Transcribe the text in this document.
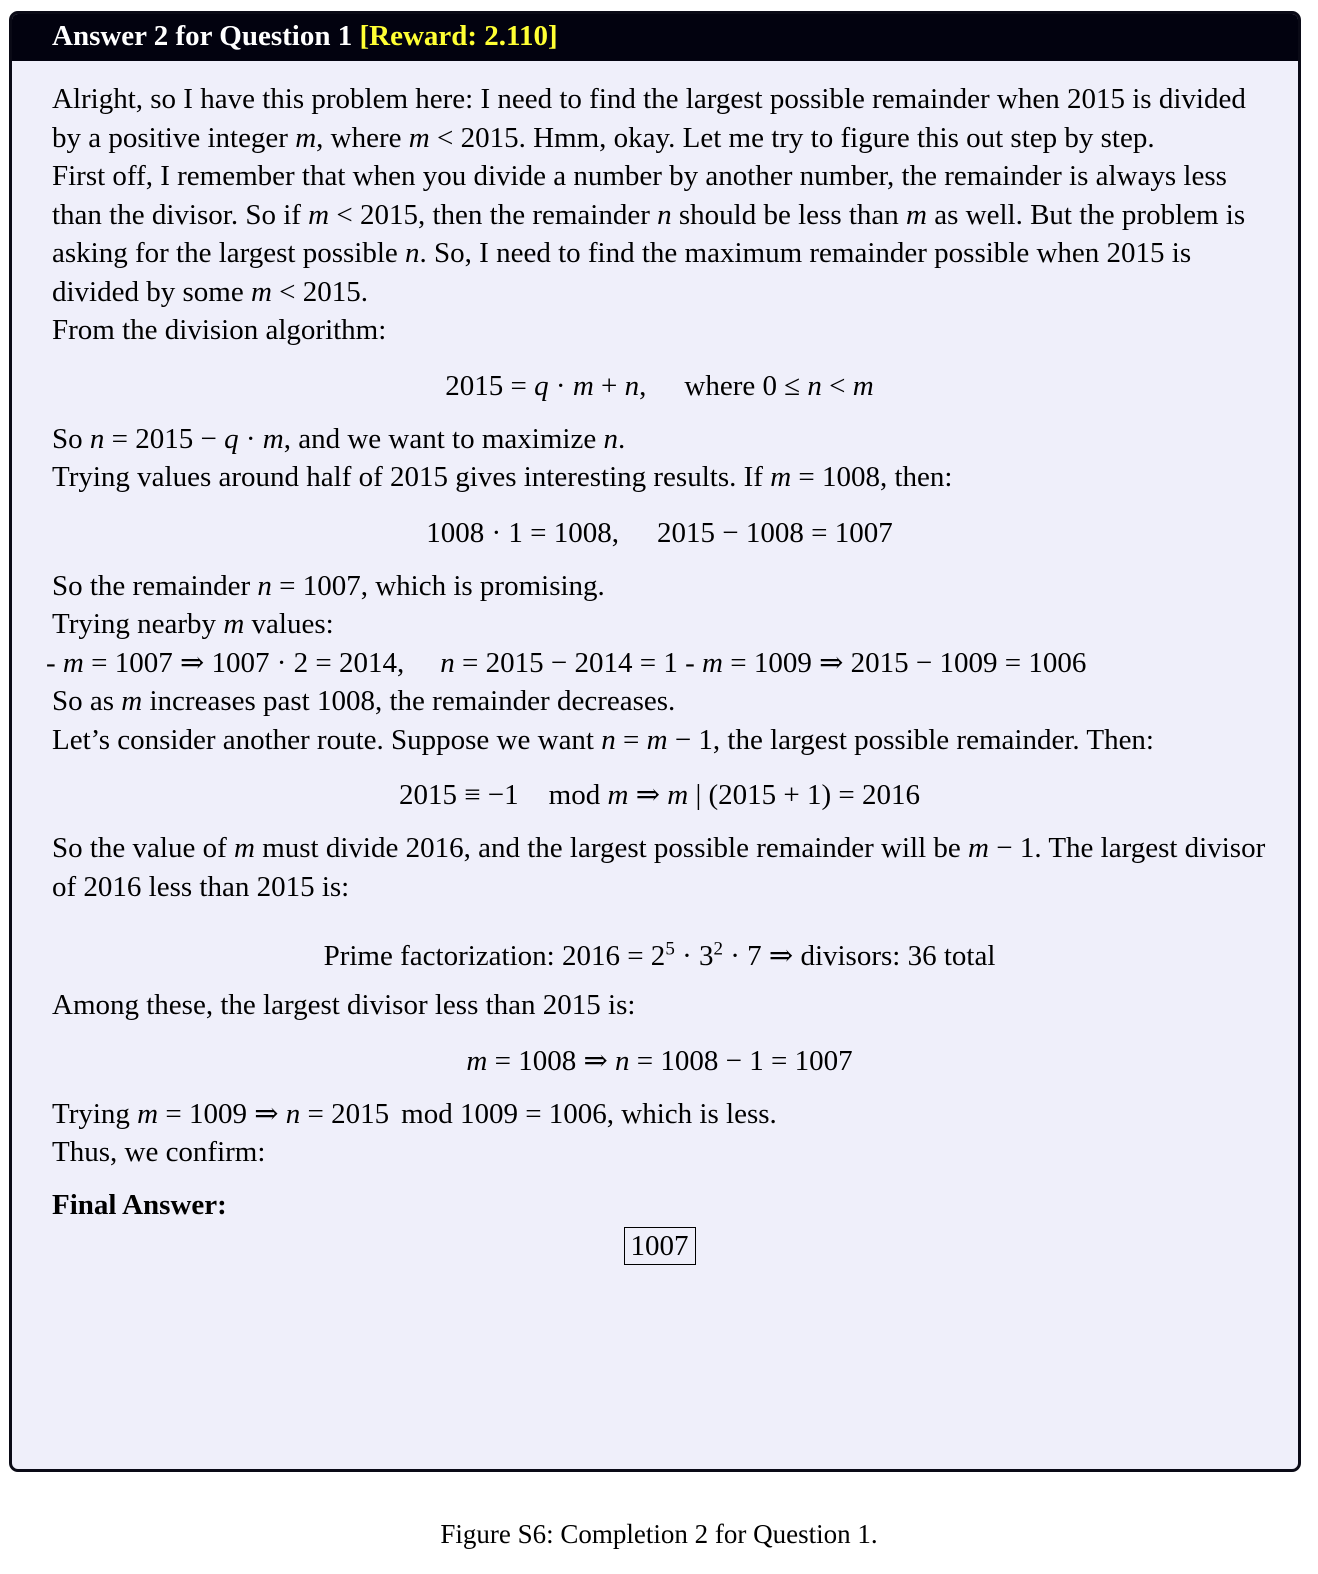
Answer 2 for Question 1 [Reward: 2.110]

Alright, so I have this problem here: I need to find the largest possible remainder when 2015 is divided by a positive integer m, where m < 2015. Hmm, okay. Let me try to figure this out step by step.

First off, I remember that when you divide a number by another number, the remainder is always less than the divisor. So if m < 2015, then the remainder n should be less than m as well. But the problem is asking for the largest possible n. So, I need to find the maximum remainder possible when 2015 is divided by some m < 2015.

From the division algorithm:

2015 = q · m + n, where 0 ≤ n < m

So n = 2015 − q · m, and we want to maximize n.

Trying values around half of 2015 gives interesting results. If m = 1008, then:

1008 · 1 = 1008, 2015 − 1008 = 1007

So the remainder n = 1007, which is promising.

Trying nearby m values:

- m = 1007 ⇒ 1007 · 2 = 2014, n = 2015 − 2014 = 1 - m = 1009 ⇒ 2015 − 1009 = 1006

So as m increases past 1008, the remainder decreases.

Let’s consider another route. Suppose we want n = m − 1, the largest possible remainder. Then:

2015 ≡ −1 mod m ⇒ m | (2015 + 1) = 2016

So the value of m must divide 2016, and the largest possible remainder will be m − 1. The largest divisor of 2016 less than 2015 is:

Prime factorization: $2016 = 2^5 \cdot 3^2 \cdot 7$ ⇒ divisors: 36 total

Among these, the largest divisor less than 2015 is:

m = 1008 ⇒ n = 1008 − 1 = 1007

Trying m = 1009 ⇒ n = 2015 mod 1009 = 1006, which is less.

Thus, we confirm:

Final Answer:

1007
Figure S6: Completion 2 for Question 1.
